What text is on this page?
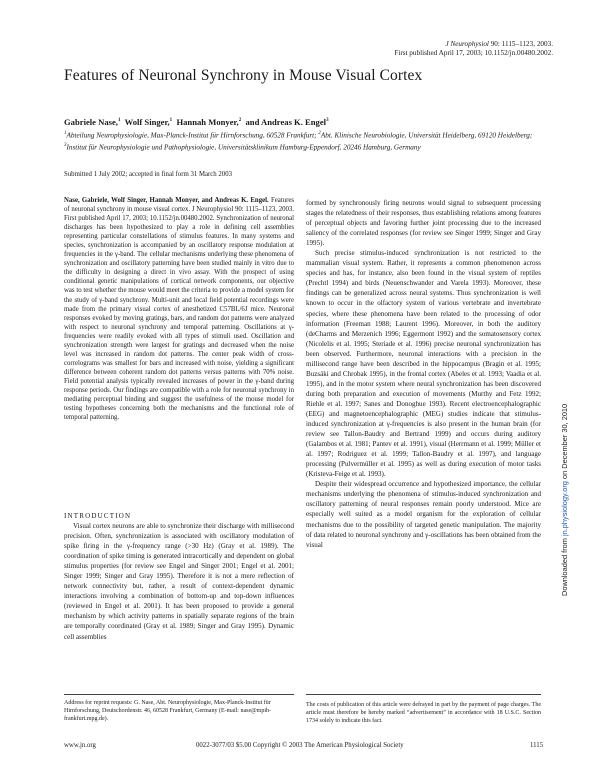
J Neurophysiol 90: 1115–1123, 2003.
First published April 17, 2003; 10.1152/jn.00480.2002.
Features of Neuronal Synchrony in Mouse Visual Cortex
Gabriele Nase,$^1$ Wolf Singer,$^1$ Hannah Monyer,$^2$ and Andreas K. Engel$^3$
$^1$Abteilung Neurophysiologie, Max-Planck-Institut für Hirnforschung, 60528 Frankfurt; $^2$Abt. Klinische Neurobiologie, Universität Heidelberg, 69120 Heidelberg; $^3$Institut für Neurophysiologie und Pathophysiologie, Universitätsklinikum Hamburg-Eppendorf, 20246 Hamburg, Germany
Submitted 1 July 2002; accepted in final form 31 March 2003

Nase, Gabriele, Wolf Singer, Hannah Monyer, and Andreas K. Engel. Features of neuronal synchrony in mouse visual cortex. J Neurophysiol 90: 1115–1123, 2003. First published April 17, 2003; 10.1152/jn.00480.2002. Synchronization of neuronal discharges has been hypothesized to play a role in defining cell assemblies representing particular constellations of stimulus features. In many systems and species, synchronization is accompanied by an oscillatory response modulation at frequencies in the γ-band. The cellular mechanisms underlying these phenomena of synchronization and oscillatory patterning have been studied mainly in vitro due to the difficulty in designing a direct in vivo assay. With the prospect of using conditional genetic manipulations of cortical network components, our objective was to test whether the mouse would meet the criteria to provide a model system for the study of γ-band synchrony. Multi-unit and local field potential recordings were made from the primary visual cortex of anesthetized C57BL/6J mice. Neuronal responses evoked by moving gratings, bars, and random dot patterns were analyzed with respect to neuronal synchrony and temporal patterning. Oscillations at γ-frequencies were readily evoked with all types of stimuli used. Oscillation and synchronization strength were largest for gratings and decreased when the noise level was increased in random dot patterns. The center peak width of cross-correlograms was smallest for bars and increased with noise, yielding a significant difference between coherent random dot patterns versus patterns with 70% noise. Field potential analysis typically revealed increases of power in the γ-band during response periods. Our findings are compatible with a role for neuronal synchrony in mediating perceptual binding and suggest the usefulness of the mouse model for testing hypotheses concerning both the mechanisms and the functional role of temporal patterning.

INTRODUCTION

Visual cortex neurons are able to synchronize their discharge with millisecond precision. Often, synchronization is associated with oscillatory modulation of spike firing in the γ-frequency range (>30 Hz) (Gray et al. 1989). The coordination of spike timing is generated intracortically and dependent on global stimulus properties (for review see Engel and Singer 2001; Engel et al. 2001; Singer 1999; Singer and Gray 1995). Therefore it is not a mere reflection of network connectivity but, rather, a result of context-dependent dynamic interactions involving a combination of bottom-up and top-down influences (reviewed in Engel et al. 2001). It has been proposed to provide a general mechanism by which activity patterns in spatially separate regions of the brain are temporally coordinated (Gray et al. 1989; Singer and Gray 1995). Dynamic cell assemblies

formed by synchronously firing neurons would signal to subsequent processing stages the relatedness of their responses, thus establishing relations among features of perceptual objects and favoring further joint processing due to the increased saliency of the correlated responses (for review see Singer 1999; Singer and Gray 1995).

Such precise stimulus-induced synchronization is not restricted to the mammalian visual system. Rather, it represents a common phenomenon across species and has, for instance, also been found in the visual system of reptiles (Prechtl 1994) and birds (Neuenschwander and Varela 1993). Moreover, these findings can be generalized across neural systems. Thus synchronization is well known to occur in the olfactory system of various vertebrate and invertebrate species, where these phenomena have been related to the processing of odor information (Freeman 1988; Laurent 1996). Moreover, in both the auditory (deCharms and Merzenich 1996; Eggermont 1992) and the somatosensory cortex (Nicolelis et al. 1995; Steriade et al. 1996) precise neuronal synchronization has been observed. Furthermore, neuronal interactions with a precision in the millisecond range have been described in the hippocampus (Bragin et al. 1995; Buzsáki and Chrobak 1995), in the frontal cortex (Abeles et al. 1993; Vaadia et al. 1995), and in the motor system where neural synchronization has been discovered during both preparation and execution of movements (Murthy and Fetz 1992; Riehle et al. 1997; Sanes and Donoghue 1993). Recent electroencephalographic (EEG) and magnetoencephalographic (MEG) studies indicate that stimulus-induced synchronization at γ-frequencies is also present in the human brain (for review see Tallon-Baudry and Bertrand 1999) and occurs during auditory (Galambos et al. 1981; Pantev et al. 1991), visual (Herrmann et al. 1999; Müller et al. 1997; Rodriguez et al. 1999; Tallon-Baudry et al. 1997), and language processing (Pulvermüller et al. 1995) as well as during execution of motor tasks (Kristeva-Feige et al. 1993).

Despite their widespread occurrence and hypothesized importance, the cellular mechanisms underlying the phenomena of stimulus-induced synchronization and oscillatory patterning of neural responses remain poorly understood. Mice are especially well suited as a model organism for the exploration of cellular mechanisms due to the possibility of targeted genetic manipulation. The majority of data related to neuronal synchrony and γ-oscillations has been obtained from the visual

Address for reprint requests: G. Nase, Abt. Neurophysiologie, Max-Planck-Institut für Hirnforschung, Deutschordenstr. 46, 60528 Frankfurt, Germany (E-mail: nase@mpih-frankfurt.mpg.de).
The costs of publication of this article were defrayed in part by the payment of page charges. The article must therefore be hereby marked “advertisement” in accordance with 18 U.S.C. Section 1734 solely to indicate this fact.
www.jn.org	0022-3077/03 $5.00 Copyright © 2003 The American Physiological Society	1115
Downloaded from jn.physiology.org on December 30, 2010
